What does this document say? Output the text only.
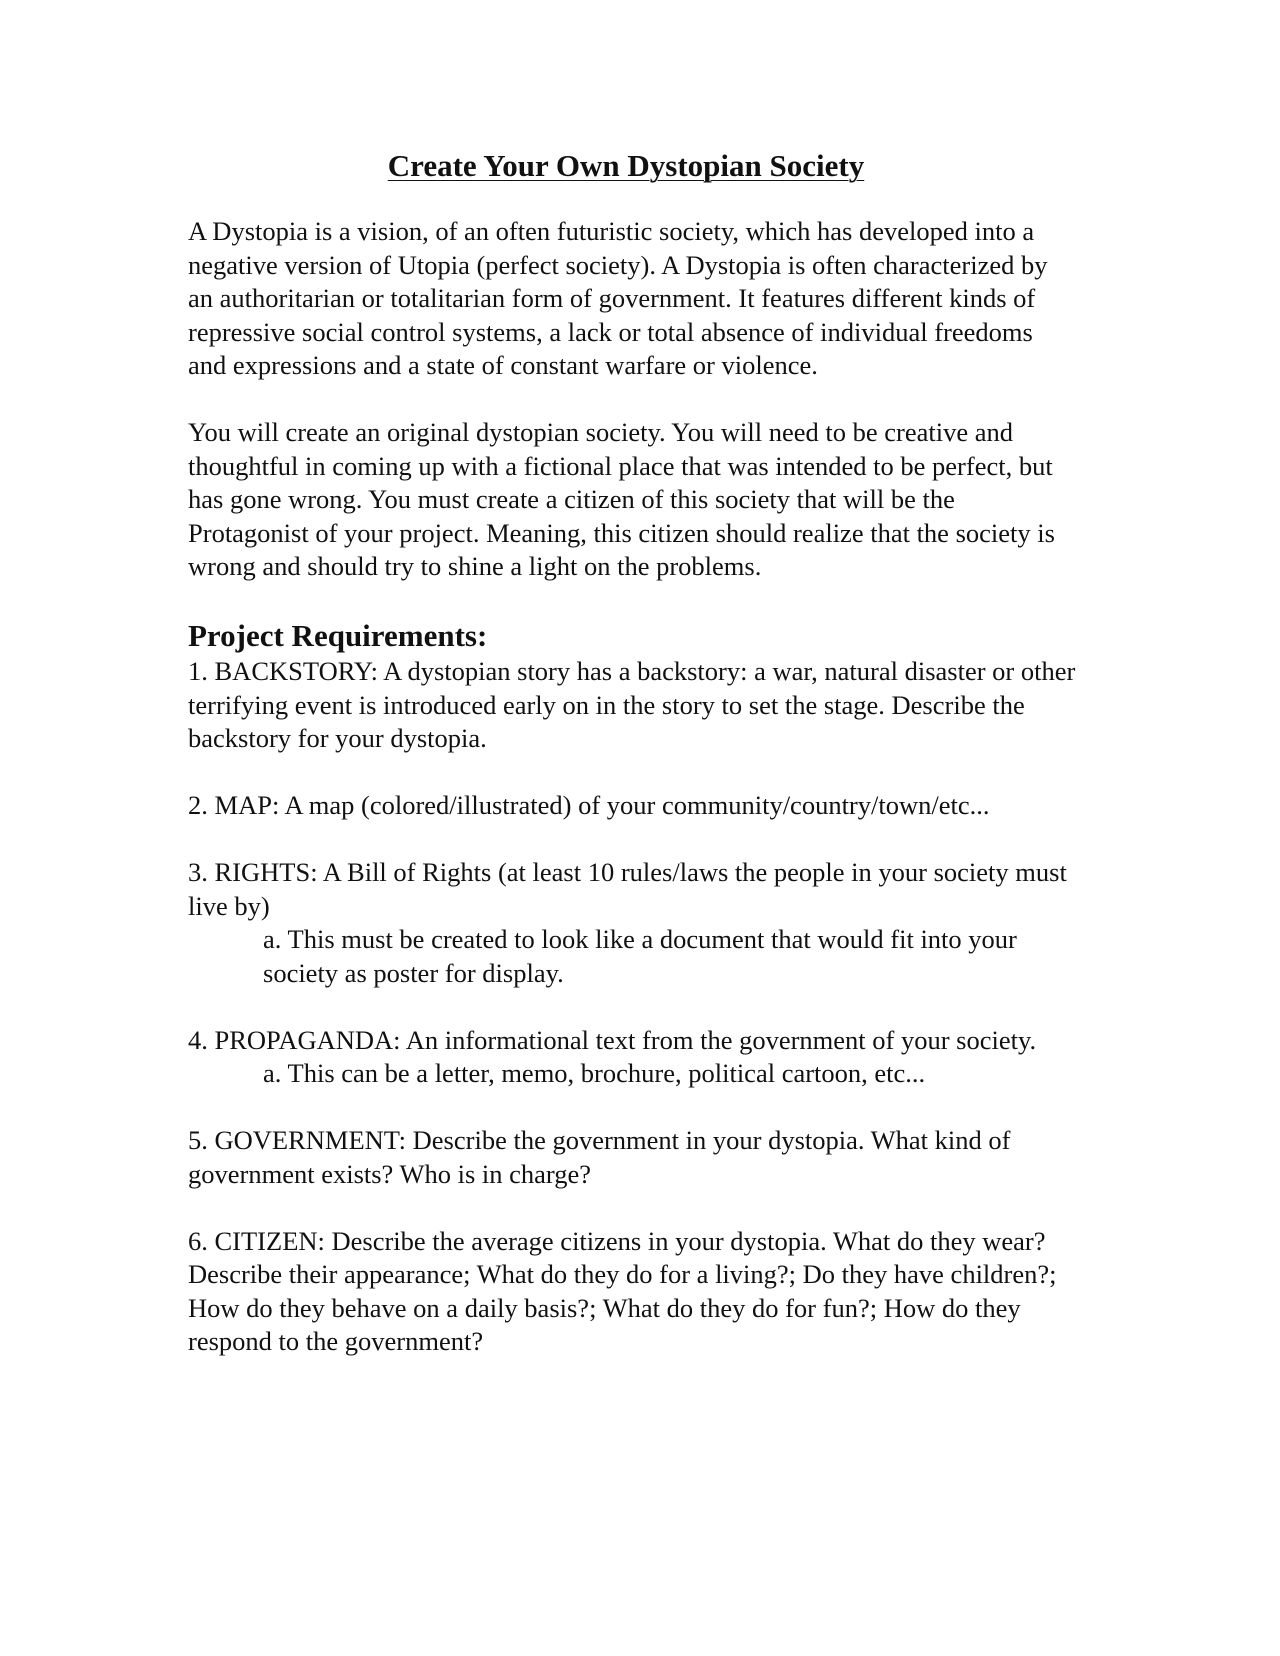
Create Your Own Dystopian Society

A Dystopia is a vision, of an often futuristic society, which has developed into a negative version of Utopia (perfect society). A Dystopia is often characterized by an authoritarian or totalitarian form of government. It features different kinds of repressive social control systems, a lack or total absence of individual freedoms and expressions and a state of constant warfare or violence.

You will create an original dystopian society. You will need to be creative and thoughtful in coming up with a fictional place that was intended to be perfect, but has gone wrong. You must create a citizen of this society that will be the Protagonist of your project. Meaning, this citizen should realize that the society is wrong and should try to shine a light on the problems.

Project Requirements:

1. BACKSTORY: A dystopian story has a backstory: a war, natural disaster or other terrifying event is introduced early on in the story to set the stage. Describe the backstory for your dystopia.

2. MAP: A map (colored/illustrated) of your community/country/town/etc...

3. RIGHTS: A Bill of Rights (at least 10 rules/laws the people in your society must live by)

a. This must be created to look like a document that would fit into your society as poster for display.

4. PROPAGANDA: An informational text from the government of your society.

a. This can be a letter, memo, brochure, political cartoon, etc...

5. GOVERNMENT: Describe the government in your dystopia. What kind of government exists? Who is in charge?

6. CITIZEN: Describe the average citizens in your dystopia. What do they wear? Describe their appearance; What do they do for a living?; Do they have children?; How do they behave on a daily basis?; What do they do for fun?; How do they respond to the government?
